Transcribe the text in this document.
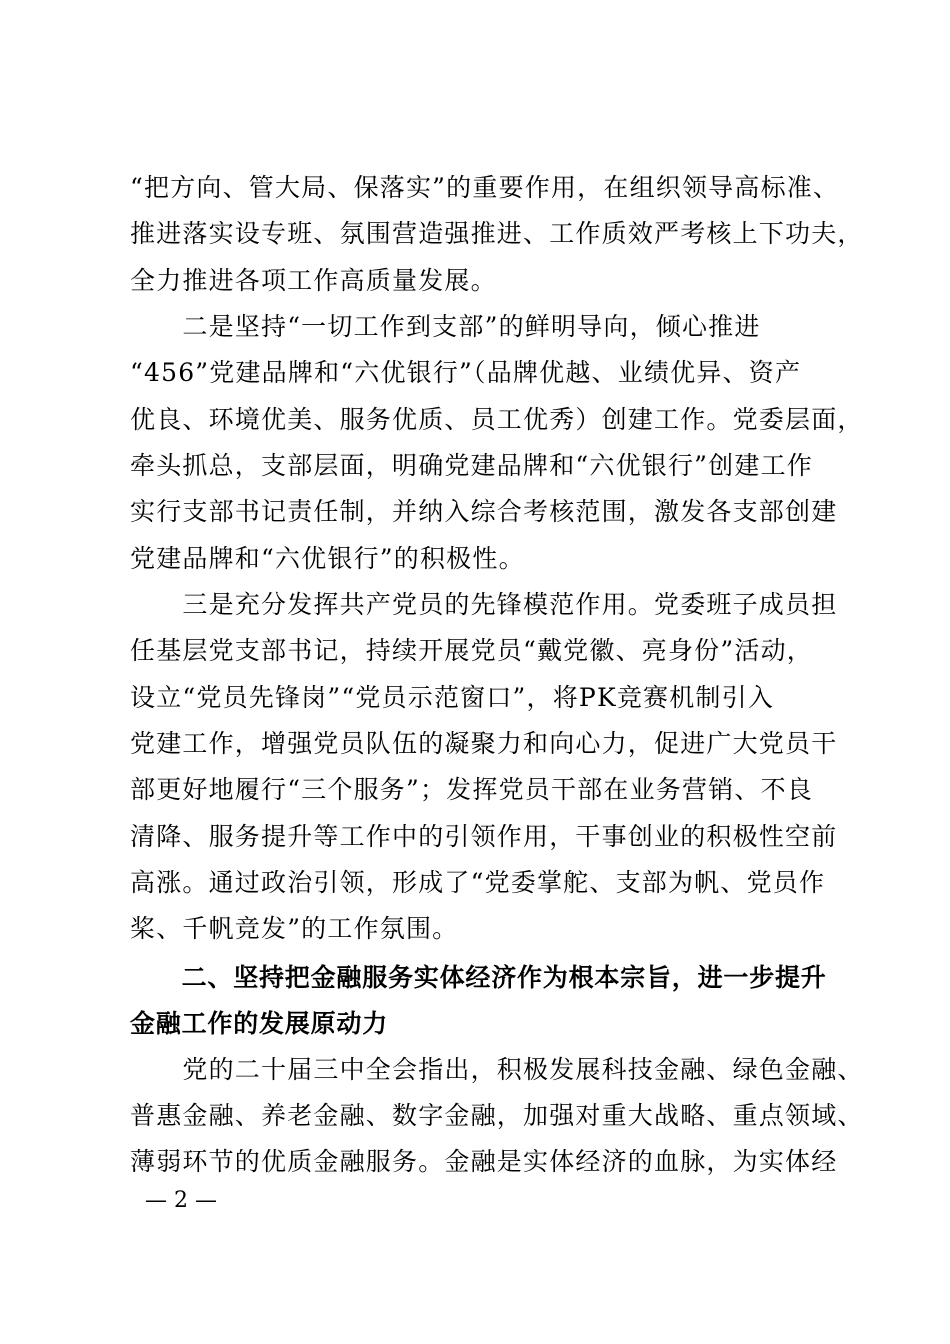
“把方向、管大局、保落实”的重要作用，在组织领导高标准、
推进落实设专班、氛围营造强推进、工作质效严考核上下功夫，
全力推进各项工作高质量发展。
　　二是坚持“一切工作到支部”的鲜明导向，倾心推进
“456”党建品牌和“六优银行”（品牌优越、业绩优异、资产
优良、环境优美、服务优质、员工优秀）创建工作。党委层面，
牵头抓总，支部层面，明确党建品牌和“六优银行”创建工作
实行支部书记责任制，并纳入综合考核范围，激发各支部创建
党建品牌和“六优银行”的积极性。
　　三是充分发挥共产党员的先锋模范作用。党委班子成员担
任基层党支部书记，持续开展党员“戴党徽、亮身份”活动，
设立“党员先锋岗”“党员示范窗口”，将PK竞赛机制引入
党建工作，增强党员队伍的凝聚力和向心力，促进广大党员干
部更好地履行“三个服务”；发挥党员干部在业务营销、不良
清降、服务提升等工作中的引领作用，干事创业的积极性空前
高涨。通过政治引领，形成了“党委掌舵、支部为帆、党员作
桨、千帆竞发”的工作氛围。
　　二、坚持把金融服务实体经济作为根本宗旨，进一步提升
金融工作的发展原动力
　　党的二十届三中全会指出，积极发展科技金融、绿色金融、
普惠金融、养老金融、数字金融，加强对重大战略、重点领域、
薄弱环节的优质金融服务。金融是实体经济的血脉，为实体经
— 2 —
